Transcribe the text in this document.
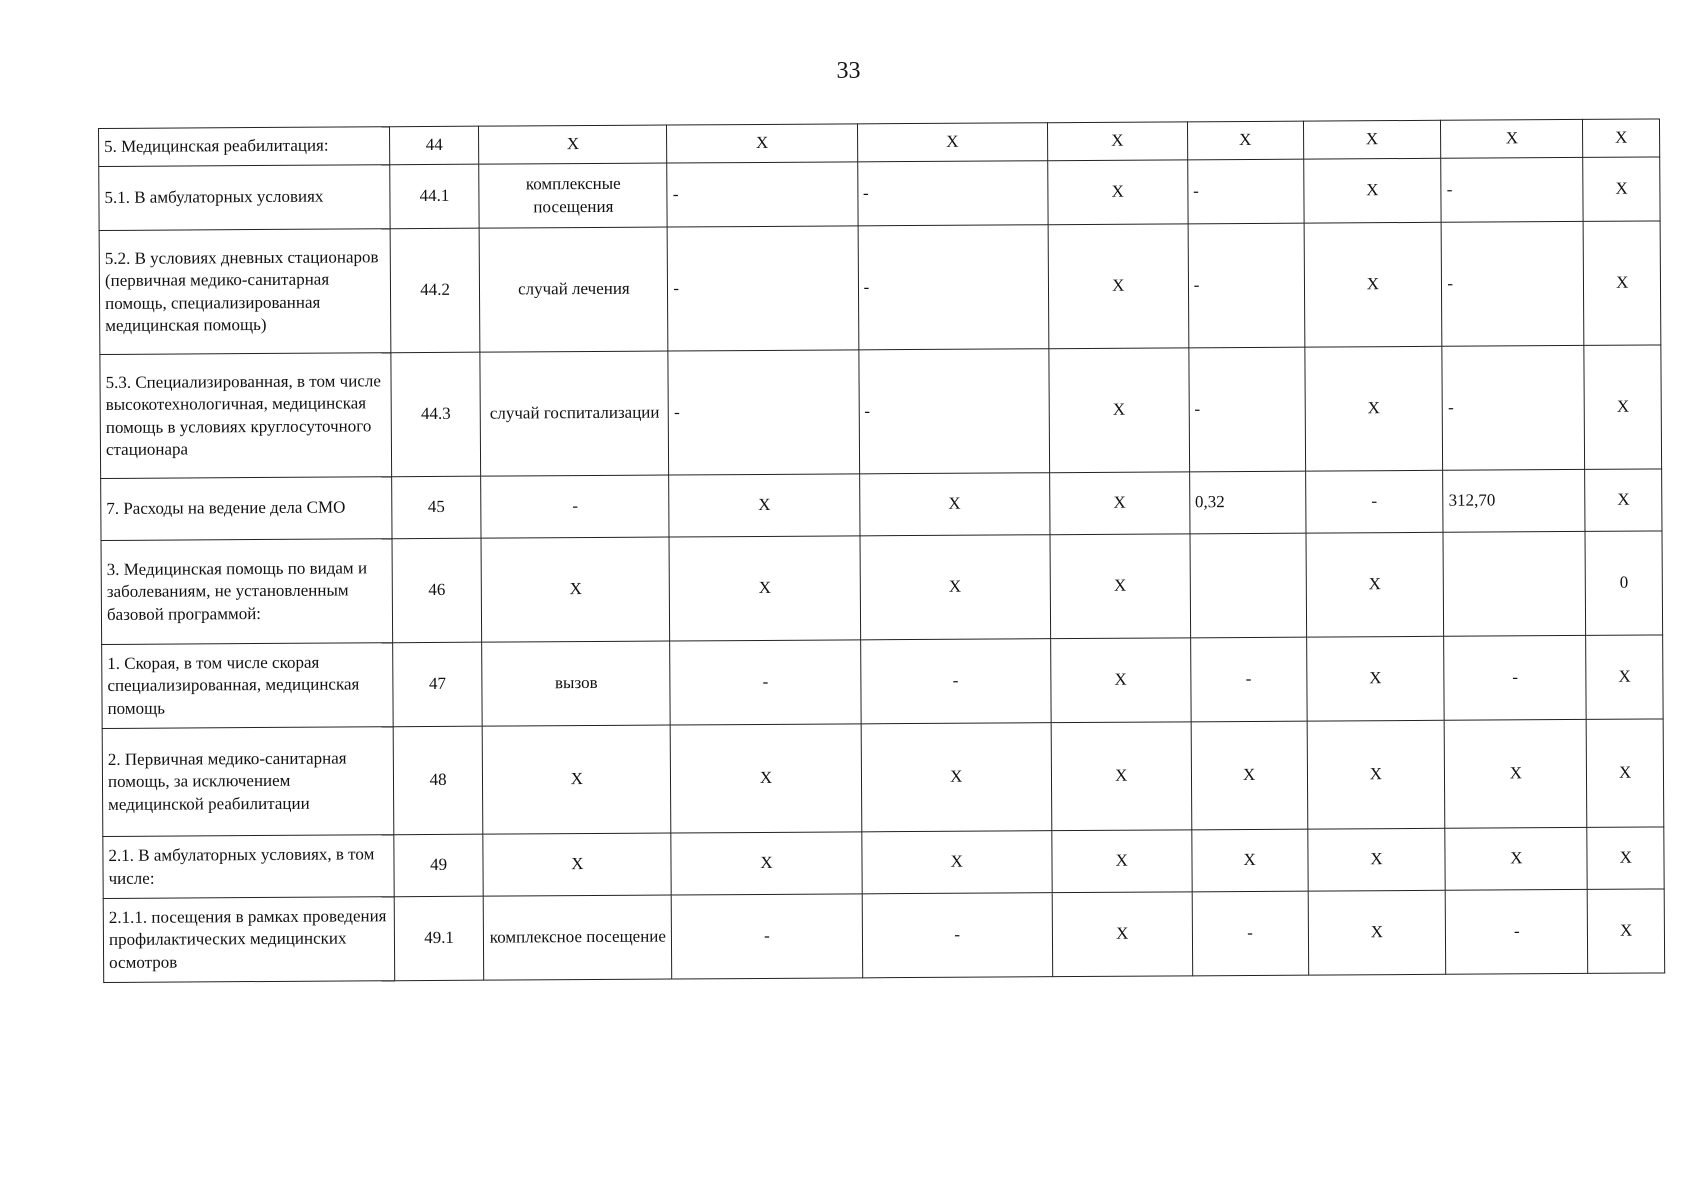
33
5. Медицинская реабилитация:	44	Х	Х	Х	Х	Х	Х	Х	Х
5.1. В амбулаторных условиях	44.1	комплексные посещения	-	-	Х	-	Х	-	Х
5.2. В условиях дневных стационаров (первичная медико-санитарная помощь, специализированная медицинская помощь)	44.2	случай лечения	-	-	Х	-	Х	-	Х
5.3. Специализированная, в том числе высокотехнологичная, медицинская помощь в условиях круглосуточного стационара	44.3	случай госпитализации	-	-	Х	-	Х	-	Х
7. Расходы на ведение дела СМО	45	-	Х	Х	Х	0,32	-	312,70	Х
3. Медицинская помощь по видам и заболеваниям, не установленным базовой программой:	46	Х	Х	Х	Х		Х		0
1. Скорая, в том числе скорая специализированная, медицинская помощь	47	вызов	-	-	Х	-	Х	-	Х
2. Первичная медико-санитарная помощь, за исключением медицинской реабилитации	48	Х	Х	Х	Х	Х	Х	Х	Х
2.1. В амбулаторных условиях, в том числе:	49	Х	Х	Х	Х	Х	Х	Х	Х
2.1.1. посещения в рамках проведения профилактических медицинских осмотров	49.1	комплексное посещение	-	-	Х	-	Х	-	Х
